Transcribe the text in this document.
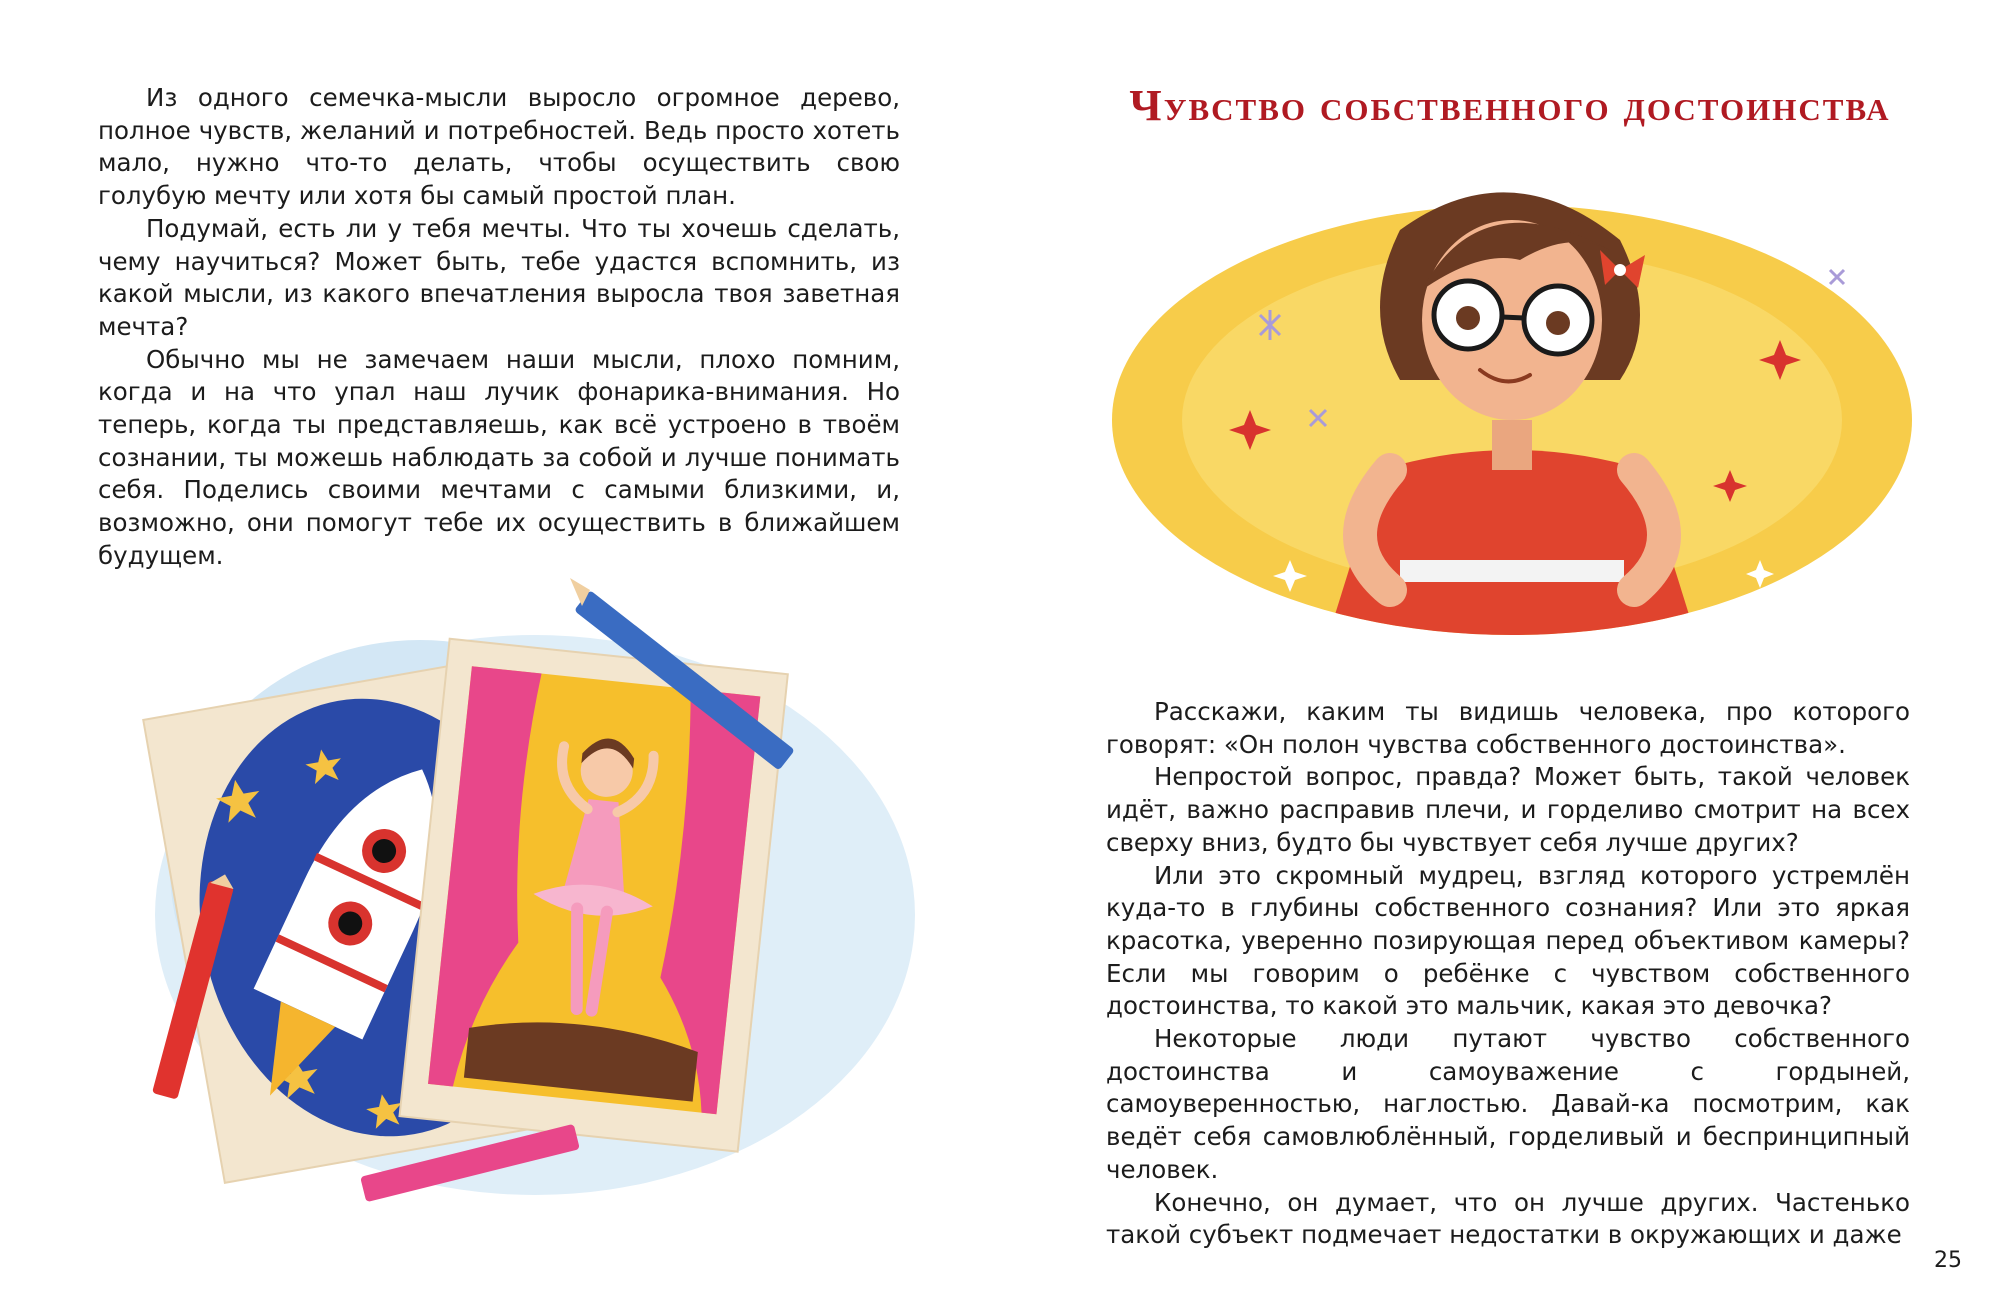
Из одного семечка-мысли выросло огромное дерево, полное чувств, желаний и потребностей. Ведь просто хотеть мало, нужно что-то делать, чтобы осуществить свою голубую мечту или хотя бы самый простой план.

Подумай, есть ли у тебя мечты. Что ты хочешь сделать, чему научиться? Может быть, тебе удастся вспомнить, из какой мысли, из какого впечатления выросла твоя заветная мечта?

Обычно мы не замечаем наши мысли, плохо помним, когда и на что упал наш лучик фонарика-внимания. Но теперь, когда ты представляешь, как всё устроено в твоём сознании, ты можешь наблюдать за собой и лучше понимать себя. Поделись своими мечтами с самыми близкими, и, возможно, они помогут тебе их осуществить в ближайшем будущем.

Чувство собственного достоинства

Расскажи, каким ты видишь человека, про которого говорят: «Он полон чувства собственного достоинства».

Непростой вопрос, правда? Может быть, такой человек идёт, важно расправив плечи, и горделиво смотрит на всех сверху вниз, будто бы чувствует себя лучше других?

Или это скромный мудрец, взгляд которого устремлён куда-то в глубины собственного сознания? Или это яркая красотка, уверенно позирующая перед объективом камеры? Если мы говорим о ребёнке с чувством собственного достоинства, то какой это мальчик, какая это девочка?

Некоторые люди путают чувство собственного достоинства и самоуважение с гордыней, самоуверенностью, наглостью. Давай-ка посмотрим, как ведёт себя самовлюблённый, горделивый и беспринципный человек.

Конечно, он думает, что он лучше других. Частенько такой субъект подмечает недостатки в окружающих и даже

25
